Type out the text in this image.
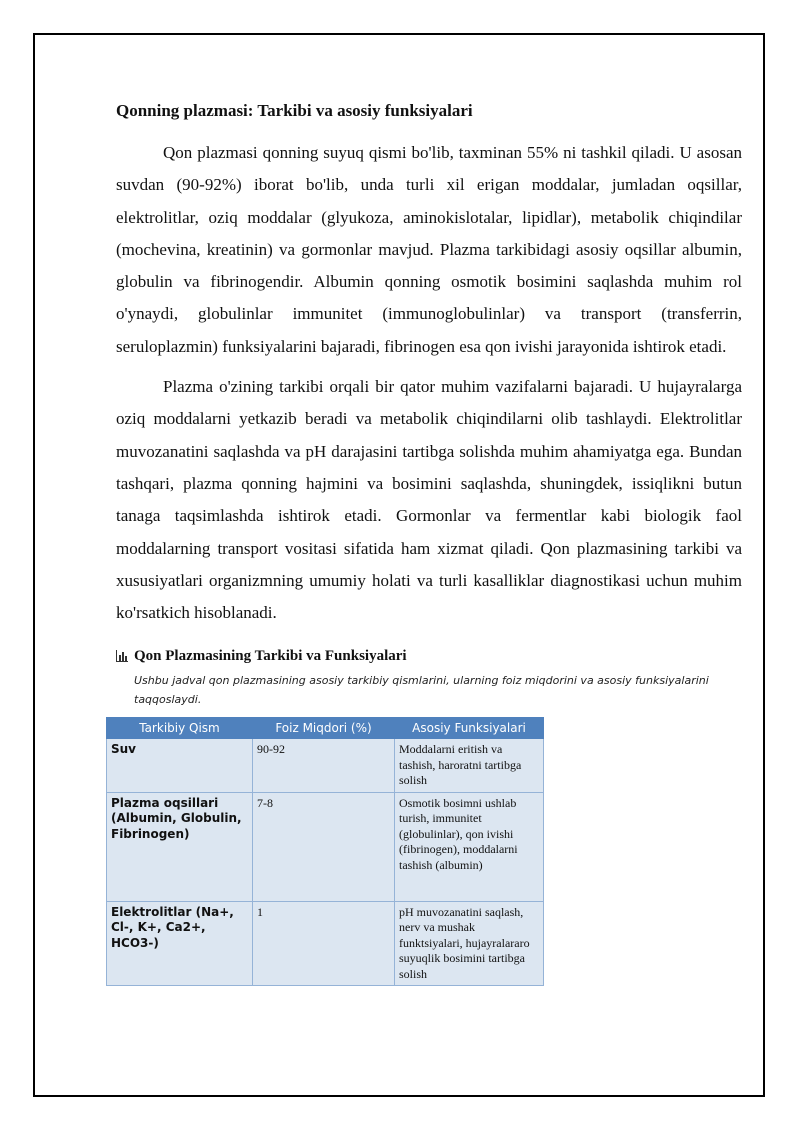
Qonning plazmasi: Tarkibi va asosiy funksiyalari

Qon plazmasi qonning suyuq qismi bo'lib, taxminan 55% ni tashkil qiladi. U asosan suvdan (90-92%) iborat bo'lib, unda turli xil erigan moddalar, jumladan oqsillar, elektrolitlar, oziq moddalar (glyukoza, aminokislotalar, lipidlar), metabolik chiqindilar (mochevina, kreatinin) va gormonlar mavjud. Plazma tarkibidagi asosiy oqsillar albumin, globulin va fibrinogendir. Albumin qonning osmotik bosimini saqlashda muhim rol o'ynaydi, globulinlar immunitet (immunoglobulinlar) va transport (transferrin, seruloplazmin) funksiyalarini bajaradi, fibrinogen esa qon ivishi jarayonida ishtirok etadi.

Plazma o'zining tarkibi orqali bir qator muhim vazifalarni bajaradi. U hujayralarga oziq moddalarni yetkazib beradi va metabolik chiqindilarni olib tashlaydi. Elektrolitlar muvozanatini saqlashda va pH darajasini tartibga solishda muhim ahamiyatga ega. Bundan tashqari, plazma qonning hajmini va bosimini saqlashda, shuningdek, issiqlikni butun tanaga taqsimlashda ishtirok etadi. Gormonlar va fermentlar kabi biologik faol moddalarning transport vositasi sifatida ham xizmat qiladi. Qon plazmasining tarkibi va xususiyatlari organizmning umumiy holati va turli kasalliklar diagnostikasi uchun muhim ko'rsatkich hisoblanadi.

Qon Plazmasining Tarkibi va Funksiyalari
Ushbu jadval qon plazmasining asosiy tarkibiy qismlarini, ularning foiz miqdorini va asosiy funksiyalarini taqqoslaydi.
Tarkibiy Qism	Foiz Miqdori (%)	Asosiy Funksiyalari
Suv	90-92	Moddalarni eritish va tashish, haroratni tartibga solish
Plazma oqsillari (Albumin, Globulin, Fibrinogen)	7-8	Osmotik bosimni ushlab turish, immunitet (globulinlar), qon ivishi (fibrinogen), moddalarni tashish (albumin)
Elektrolitlar (Na+, Cl-, K+, Ca2+, HCO3-)	1	pH muvozanatini saqlash, nerv va mushak funktsiyalari, hujayralararo suyuqlik bosimini tartibga solish
